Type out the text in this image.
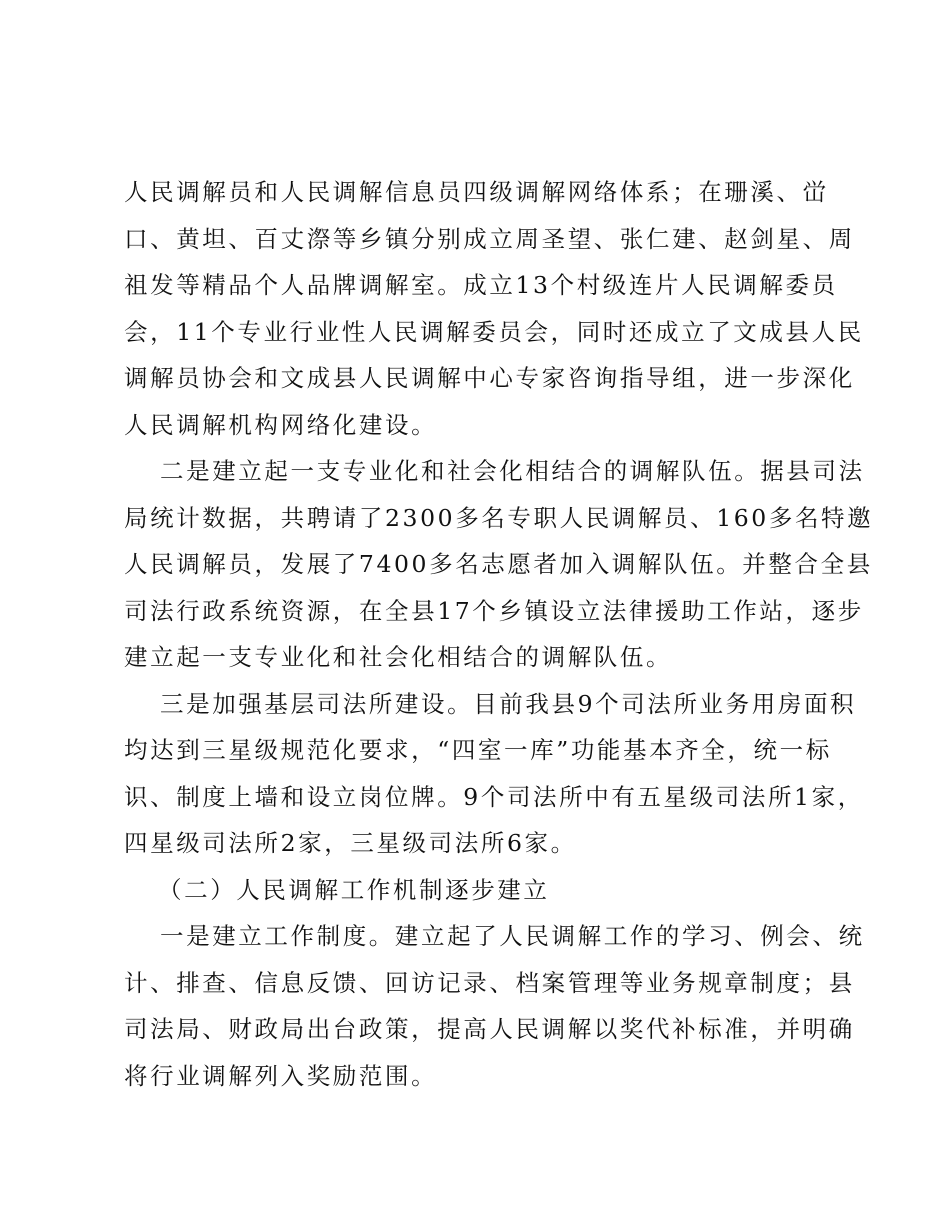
人民调解员和人民调解信息员四级调解网络体系；在珊溪、峃
口、黄坦、百丈漈等乡镇分别成立周圣望、张仁建、赵剑星、周
祖发等精品个人品牌调解室。成立13个村级连片人民调解委员
会，11个专业行业性人民调解委员会，同时还成立了文成县人民
调解员协会和文成县人民调解中心专家咨询指导组，进一步深化
人民调解机构网络化建设。
二是建立起一支专业化和社会化相结合的调解队伍。据县司法
局统计数据，共聘请了2300多名专职人民调解员、160多名特邀
人民调解员，发展了7400多名志愿者加入调解队伍。并整合全县
司法行政系统资源，在全县17个乡镇设立法律援助工作站，逐步
建立起一支专业化和社会化相结合的调解队伍。
三是加强基层司法所建设。目前我县9个司法所业务用房面积
均达到三星级规范化要求，“四室一库”功能基本齐全，统一标
识、制度上墙和设立岗位牌。9个司法所中有五星级司法所1家，
四星级司法所2家，三星级司法所6家。
（二）人民调解工作机制逐步建立
一是建立工作制度。建立起了人民调解工作的学习、例会、统
计、排查、信息反馈、回访记录、档案管理等业务规章制度；县
司法局、财政局出台政策，提高人民调解以奖代补标准，并明确
将行业调解列入奖励范围。
